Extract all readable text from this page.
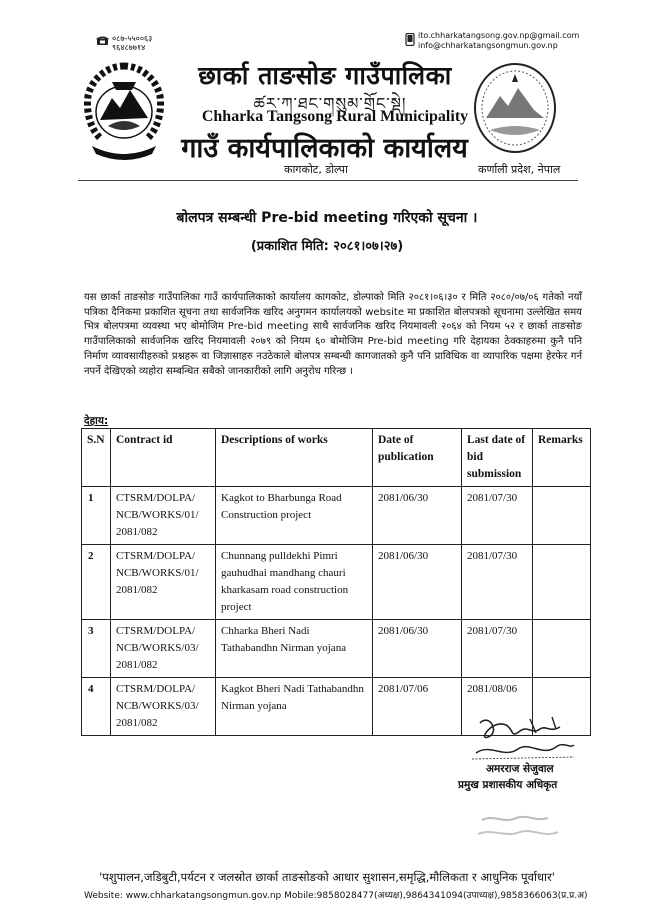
०८७-५५००६३
९६४८७७१४
ito.chharkatangsong.gov.np@gmail.com
info@chharkatangsongmun.gov.np
छार्का ताङसोङ गाउँपालिका
ཚར་ཀ་ཐང་གསུམ་གྲོང་སྡེ།
Chharka Tangsong Rural Municipality
गाउँ कार्यपालिकाको कार्यालय
कागकोट, डोल्पा	कर्णाली प्रदेश, नेपाल
बोलपत्र सम्बन्धी Pre-bid meeting गरिएको सूचना ।
(प्रकाशित मिति: २०८१।०७।२७)
यस छार्का ताङसोङ गाउँपालिका गाउँ कार्यपालिकाको कार्यालय कागकोट, डोल्पाको मिति २०८१।०६।३० र मिति २०८०/०७/०६ गतेको नयाँ पत्रिका दैनिकमा प्रकाशित सूचना तथा सार्वजनिक खरिद अनुगमन कार्यालयको website मा प्रकाशित बोलपत्रको सूचनामा उल्लेखित समय भित्र बोलपत्रमा व्यवस्था भए बोमोजिम Pre-bid meeting साथै सार्वजनिक खरिद नियमावली २०६४ को नियम ५२ र छार्का ताङसोङ गाउँपालिकाको सार्वजनिक खरिद नियमावली २०७९ को नियम ६० बोमोजिम Pre-bid meeting गरि देहायका ठेक्काहरुमा कुनै पनि निर्माण व्यावसायीहरुको प्रश्नहरू वा जिज्ञासाहरु नउठेकाले बोलपत्र सम्बन्धी कागजातको कुनै पनि प्राविधिक वा व्यापारिक पक्षमा हेरफेर गर्न नपर्ने देखिएको व्यहोरा सम्बन्धित सबैको जानकारीको लागि अनुरोध गरिन्छ ।
देहाय:
S.N	Contract id	Descriptions of works	Date of publication	Last date of bid submission	Remarks
1	CTSRM/DOLPA/ NCB/WORKS/01/ 2081/082	Kagkot to Bharbunga Road Construction project	2081/06/30	2081/07/30	
2	CTSRM/DOLPA/ NCB/WORKS/01/ 2081/082	Chunnang pulldekhi Pimri gauhudhai mandhang chauri kharkasam road construction project	2081/06/30	2081/07/30	
3	CTSRM/DOLPA/ NCB/WORKS/03/ 2081/082	Chharka Bheri Nadi Tathabandhn Nirman yojana	2081/06/30	2081/07/30	
4	CTSRM/DOLPA/ NCB/WORKS/03/ 2081/082	Kagkot Bheri Nadi Tathabandhn Nirman yojana	2081/07/06	2081/08/06	
अमरराज सेजुवाल
प्रमुख प्रशासकीय अधिकृत
'पशुपालन,जडिबुटी,पर्यटन र जलस्रोत छार्का ताङसोङको आधार सुशासन,समृद्धि,मौलिकता र आधुनिक पूर्वाधार'
Website: www.chharkatangsongmun.gov.np Mobile:9858028477(अध्यक्ष),9864341094(उपाध्यक्ष),9858366063(प्र.प्र.अ)
